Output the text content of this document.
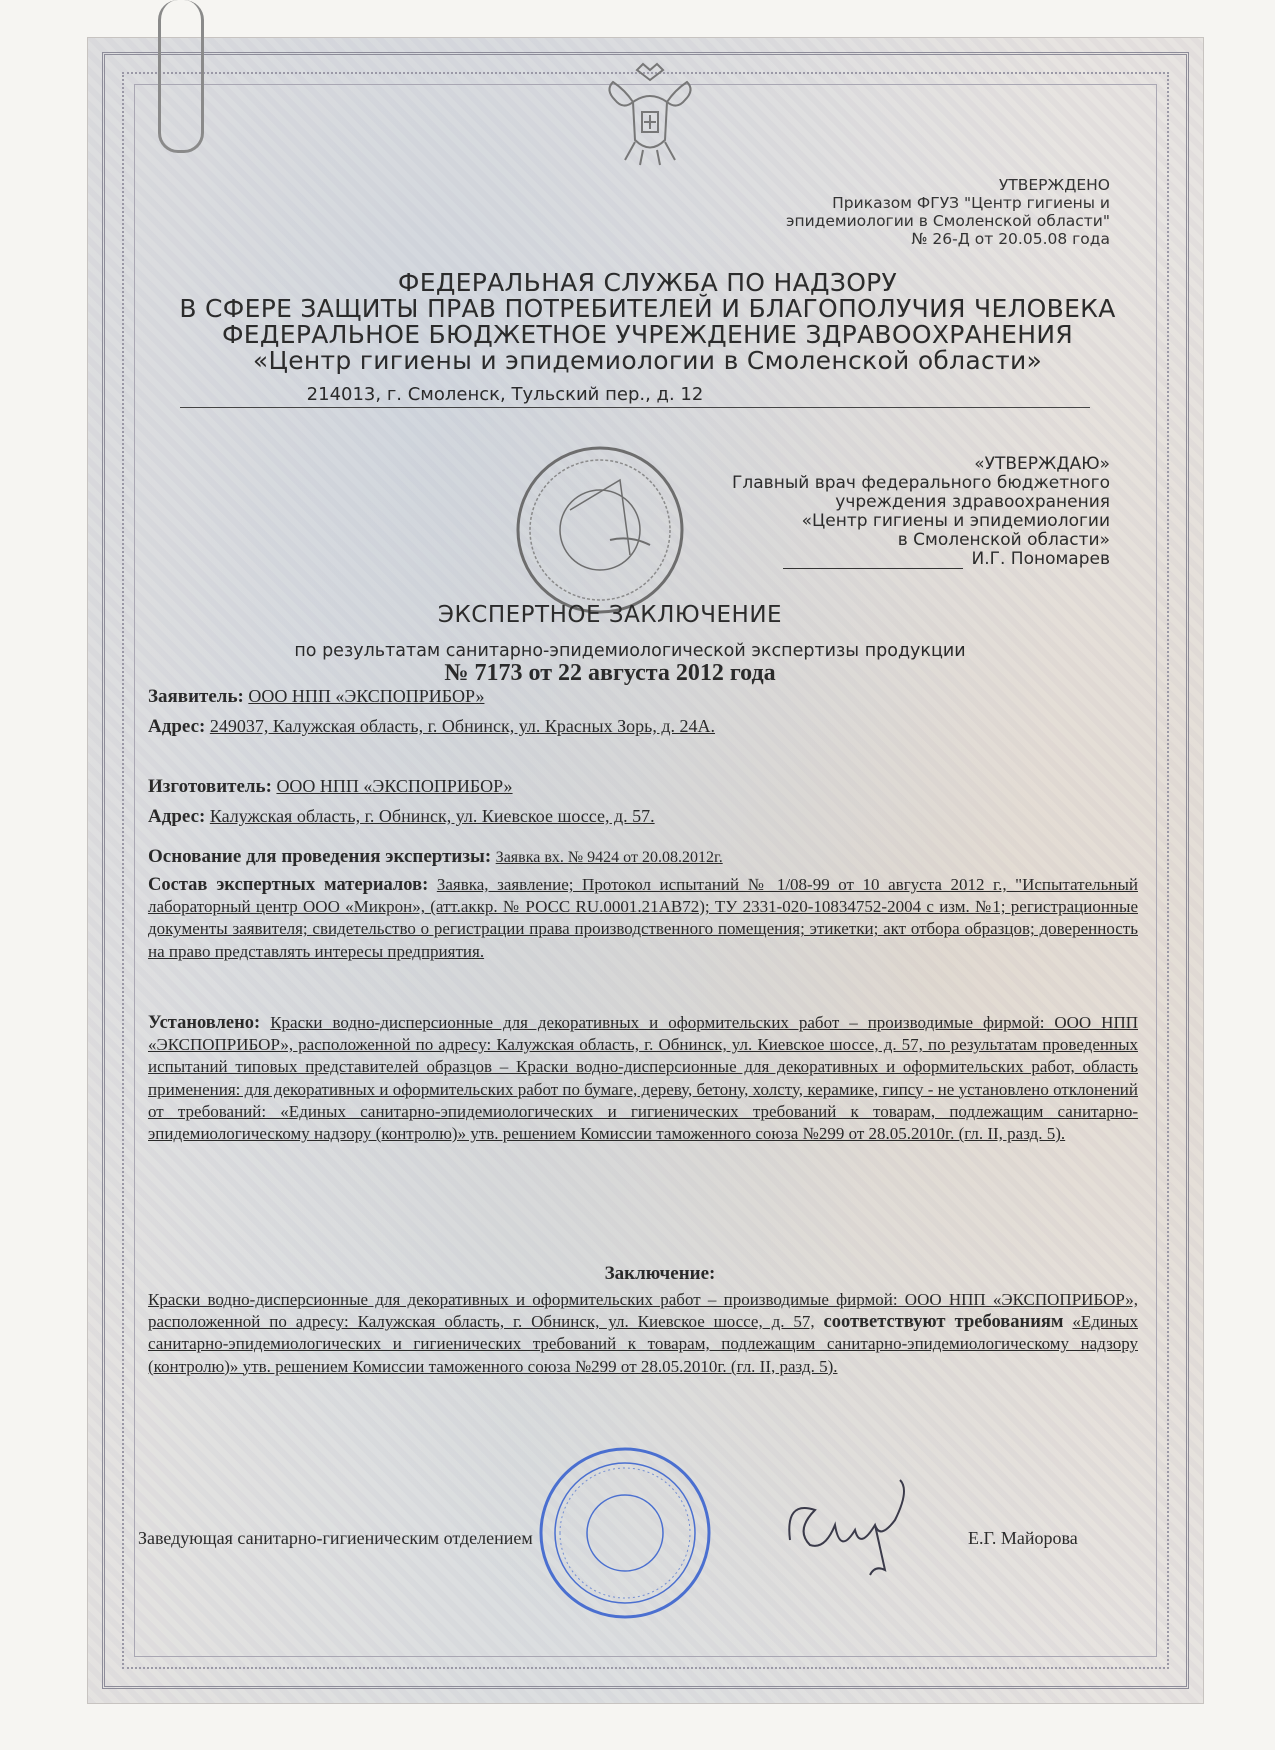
УТВЕРЖДЕНО
Приказом ФГУЗ "Центр гигиены и
эпидемиологии в Смоленской области"
№ 26-Д от 20.05.08 года
ФЕДЕРАЛЬНАЯ СЛУЖБА ПО НАДЗОРУ
В СФЕРЕ ЗАЩИТЫ ПРАВ ПОТРЕБИТЕЛЕЙ И БЛАГОПОЛУЧИЯ ЧЕЛОВЕКА
ФЕДЕРАЛЬНОЕ БЮДЖЕТНОЕ УЧРЕЖДЕНИЕ ЗДРАВООХРАНЕНИЯ
«Центр гигиены и эпидемиологии в Смоленской области»
214013, г. Смоленск, Тульский пер., д. 12
«УТВЕРЖДАЮ»
Главный врач федерального бюджетного
учреждения здравоохранения
«Центр гигиены и эпидемиологии
в Смоленской области»
И.Г. Пономарев
ЭКСПЕРТНОЕ ЗАКЛЮЧЕНИЕ
по результатам санитарно-эпидемиологической экспертизы продукции
№ 7173 от 22 августа 2012 года
Заявитель: ООО НПП «ЭКСПОПРИБОР»
Адрес: 249037, Калужская область, г. Обнинск, ул. Красных Зорь, д. 24А.
Изготовитель: ООО НПП «ЭКСПОПРИБОР»
Адрес: Калужская область, г. Обнинск, ул. Киевское шоссе, д. 57.
Основание для проведения экспертизы: Заявка вх. № 9424 от 20.08.2012г.
Состав экспертных материалов: Заявка, заявление; Протокол испытаний № 1/08-99 от 10 августа 2012 г., "Испытательный лабораторный центр ООО «Микрон», (атт.аккр. № РОСС RU.0001.21АВ72); ТУ 2331-020-10834752-2004 с изм. №1; регистрационные документы заявителя; свидетельство о регистрации права производственного помещения; этикетки; акт отбора образцов; доверенность на право представлять интересы предприятия.
Установлено: Краски водно-дисперсионные для декоративных и оформительских работ – производимые фирмой: ООО НПП «ЭКСПОПРИБОР», расположенной по адресу: Калужская область, г. Обнинск, ул. Киевское шоссе, д. 57, по результатам проведенных испытаний типовых представителей образцов – Краски водно-дисперсионные для декоративных и оформительских работ, область применения: для декоративных и оформительских работ по бумаге, дереву, бетону, холсту, керамике, гипсу - не установлено отклонений от требований: «Единых санитарно-эпидемиологических и гигиенических требований к товарам, подлежащим санитарно-эпидемиологическому надзору (контролю)» утв. решением Комиссии таможенного союза №299 от 28.05.2010г. (гл. II, разд. 5).
Заключение:
Краски водно-дисперсионные для декоративных и оформительских работ – производимые фирмой: ООО НПП «ЭКСПОПРИБОР», расположенной по адресу: Калужская область, г. Обнинск, ул. Киевское шоссе, д. 57, соответствуют требованиям «Единых санитарно-эпидемиологических и гигиенических требований к товарам, подлежащим санитарно-эпидемиологическому надзору (контролю)» утв. решением Комиссии таможенного союза №299 от 28.05.2010г. (гл. II, разд. 5).
Заведующая санитарно-гигиеническим отделением	Е.Г. Майорова
